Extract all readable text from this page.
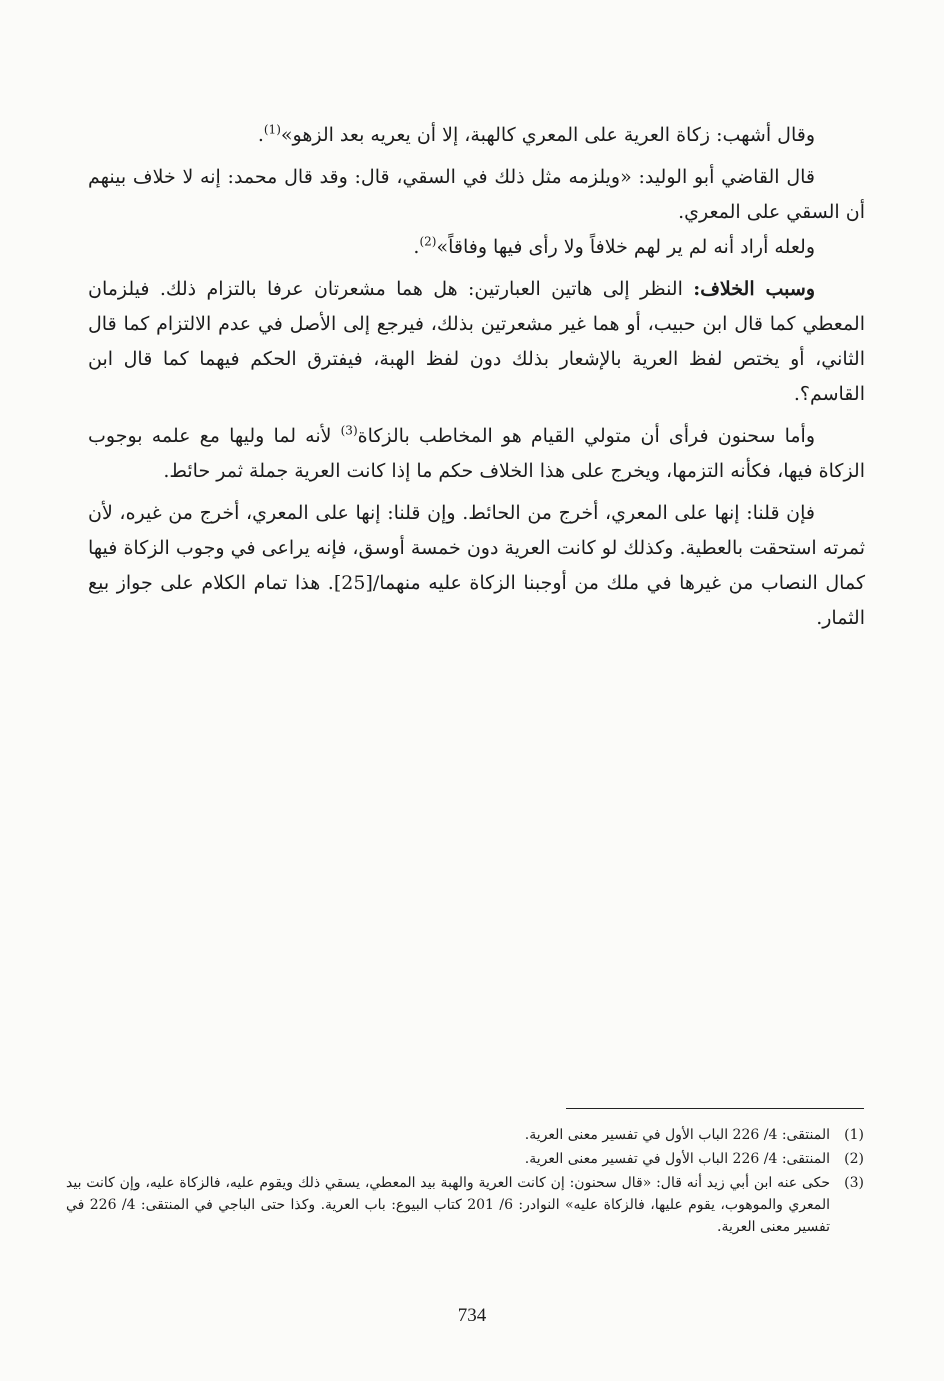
وقال أشهب: زكاة العرية على المعري كالهبة، إلا أن يعريه بعد الزهو»$^{(1)}$.

قال القاضي أبو الوليد: «ويلزمه مثل ذلك في السقي، قال: وقد قال محمد: إنه لا خلاف بينهم أن السقي على المعري.

ولعله أراد أنه لم ير لهم خلافاً ولا رأى فيها وفاقاً»$^{(2)}$.

وسبب الخلاف: النظر إلى هاتين العبارتين: هل هما مشعرتان عرفا بالتزام ذلك. فيلزمان المعطي كما قال ابن حبيب، أو هما غير مشعرتين بذلك، فيرجع إلى الأصل في عدم الالتزام كما قال الثاني، أو يختص لفظ العرية بالإشعار بذلك دون لفظ الهبة، فيفترق الحكم فيهما كما قال ابن القاسم؟.

وأما سحنون فرأى أن متولي القيام هو المخاطب بالزكاة$^{(3)}$ لأنه لما وليها مع علمه بوجوب الزكاة فيها، فكأنه التزمها، ويخرج على هذا الخلاف حكم ما إذا كانت العرية جملة ثمر حائط.

فإن قلنا: إنها على المعري، أخرج من الحائط. وإن قلنا: إنها على المعري، أخرج من غيره، لأن ثمرته استحقت بالعطية. وكذلك لو كانت العرية دون خمسة أوسق، فإنه يراعى في وجوب الزكاة فيها كمال النصاب من غيرها في ملك من أوجبنا الزكاة عليه منهما/[25]. هذا تمام الكلام على جواز بيع الثمار.

(1)
المنتقى: 4/ 226 الباب الأول في تفسير معنى العرية.
(2)
المنتقى: 4/ 226 الباب الأول في تفسير معنى العرية.
(3)
حكى عنه ابن أبي زيد أنه قال: «قال سحنون: إن كانت العرية والهبة بيد المعطي، يسقي ذلك ويقوم عليه، فالزكاة عليه، وإن كانت بيد المعري والموهوب، يقوم عليها، فالزكاة عليه» النوادر: 6/ 201 كتاب البيوع: باب العرية. وكذا حتى الباجي في المنتقى: 4/ 226 في تفسير معنى العرية.
734
